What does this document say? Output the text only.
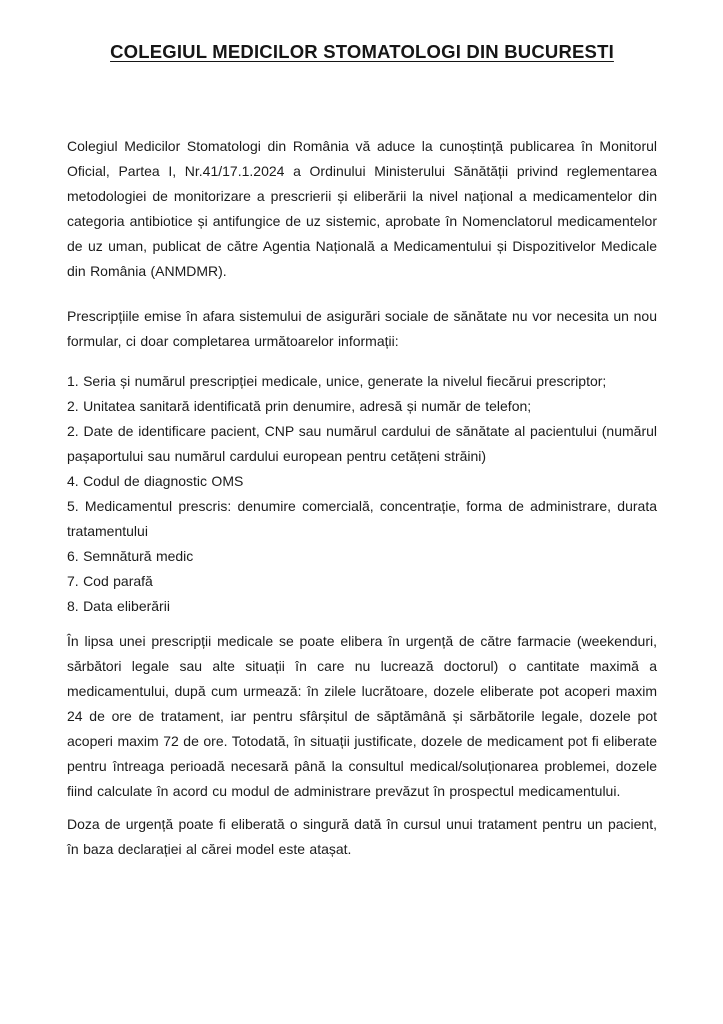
COLEGIUL MEDICILOR STOMATOLOGI DIN BUCURESTI

Colegiul Medicilor Stomatologi din România vă aduce la cunoștință publicarea în Monitorul Oficial, Partea I, Nr.41/17.1.2024 a Ordinului Ministerului Sănătății privind reglementarea metodologiei de monitorizare a prescrierii și eliberării la nivel național a medicamentelor din categoria antibiotice și antifungice de uz sistemic, aprobate în Nomenclatorul medicamentelor de uz uman, publicat de către Agentia Națională a Medicamentului și Dispozitivelor Medicale din România (ANMDMR).

Prescripțiile emise în afara sistemului de asigurări sociale de sănătate nu vor necesita un nou formular, ci doar completarea următoarelor informații:

1. Seria și numărul prescripției medicale, unice, generate la nivelul fiecărui prescriptor;

2. Unitatea sanitară identificată prin denumire, adresă și număr de telefon;

2. Date de identificare pacient, CNP sau numărul cardului de sănătate al pacientului (numărul pașaportului sau numărul cardului european pentru cetățeni străini)

4. Codul de diagnostic OMS

5. Medicamentul prescris: denumire comercială, concentrație, forma de administrare, durata tratamentului

6. Semnătură medic

7. Cod parafă

8. Data eliberării

În lipsa unei prescripții medicale se poate elibera în urgență de către farmacie (weekenduri, sărbători legale sau alte situații în care nu lucrează doctorul) o cantitate maximă a medicamentului, după cum urmează: în zilele lucrătoare, dozele eliberate pot acoperi maxim 24 de ore de tratament, iar pentru sfârșitul de săptămână și sărbătorile legale, dozele pot acoperi maxim 72 de ore. Totodată, în situații justificate, dozele de medicament pot fi eliberate pentru întreaga perioadă necesară până la consultul medical/soluționarea problemei, dozele fiind calculate în acord cu modul de administrare prevăzut în prospectul medicamentului.

Doza de urgență poate fi eliberată o singură dată în cursul unui tratament pentru un pacient, în baza declarației al cărei model este atașat.
